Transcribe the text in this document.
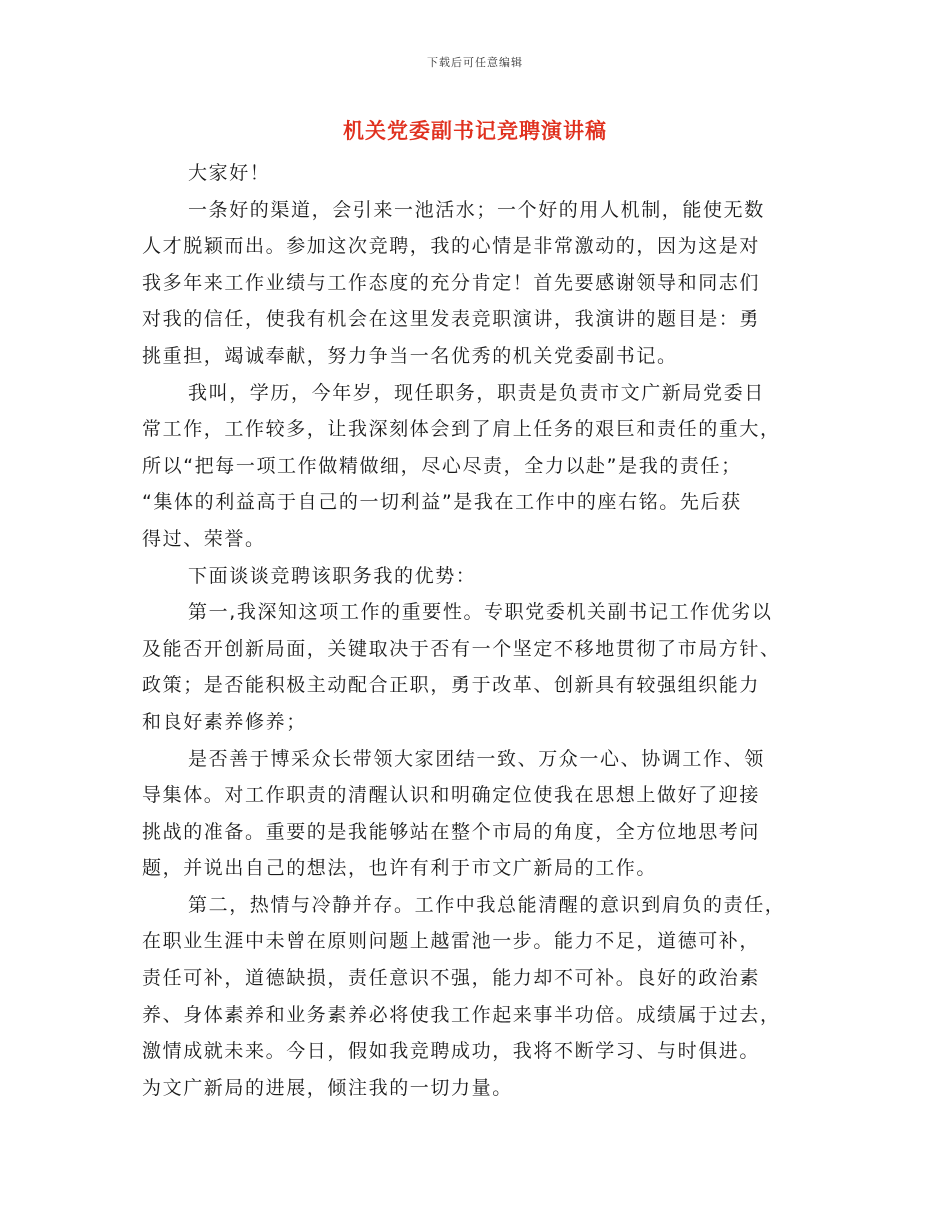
下载后可任意编辑
机关党委副书记竞聘演讲稿

大家好！

一条好的渠道，会引来一池活水；一个好的用人机制，能使无数
人才脱颖而出。参加这次竞聘，我的心情是非常激动的，因为这是对
我多年来工作业绩与工作态度的充分肯定！首先要感谢领导和同志们
对我的信任，使我有机会在这里发表竞职演讲，我演讲的题目是：勇
挑重担，竭诚奉献，努力争当一名优秀的机关党委副书记。

我叫，学历，今年岁，现任职务，职责是负责市文广新局党委日
常工作，工作较多，让我深刻体会到了肩上任务的艰巨和责任的重大，
所以“把每一项工作做精做细，尽心尽责，全力以赴”是我的责任；
“集体的利益高于自己的一切利益”是我在工作中的座右铭。先后获
得过、荣誉。

下面谈谈竞聘该职务我的优势：

第一,我深知这项工作的重要性。专职党委机关副书记工作优劣以
及能否开创新局面，关键取决于否有一个坚定不移地贯彻了市局方针、
政策；是否能积极主动配合正职，勇于改革、创新具有较强组织能力
和良好素养修养；

是否善于博采众长带领大家团结一致、万众一心、协调工作、领
导集体。对工作职责的清醒认识和明确定位使我在思想上做好了迎接
挑战的准备。重要的是我能够站在整个市局的角度，全方位地思考问
题，并说出自己的想法，也许有利于市文广新局的工作。

第二，热情与冷静并存。工作中我总能清醒的意识到肩负的责任，
在职业生涯中未曾在原则问题上越雷池一步。能力不足，道德可补，
责任可补，道德缺损，责任意识不强，能力却不可补。良好的政治素
养、身体素养和业务素养必将使我工作起来事半功倍。成绩属于过去，
激情成就未来。今日，假如我竞聘成功，我将不断学习、与时俱进。
为文广新局的进展，倾注我的一切力量。
